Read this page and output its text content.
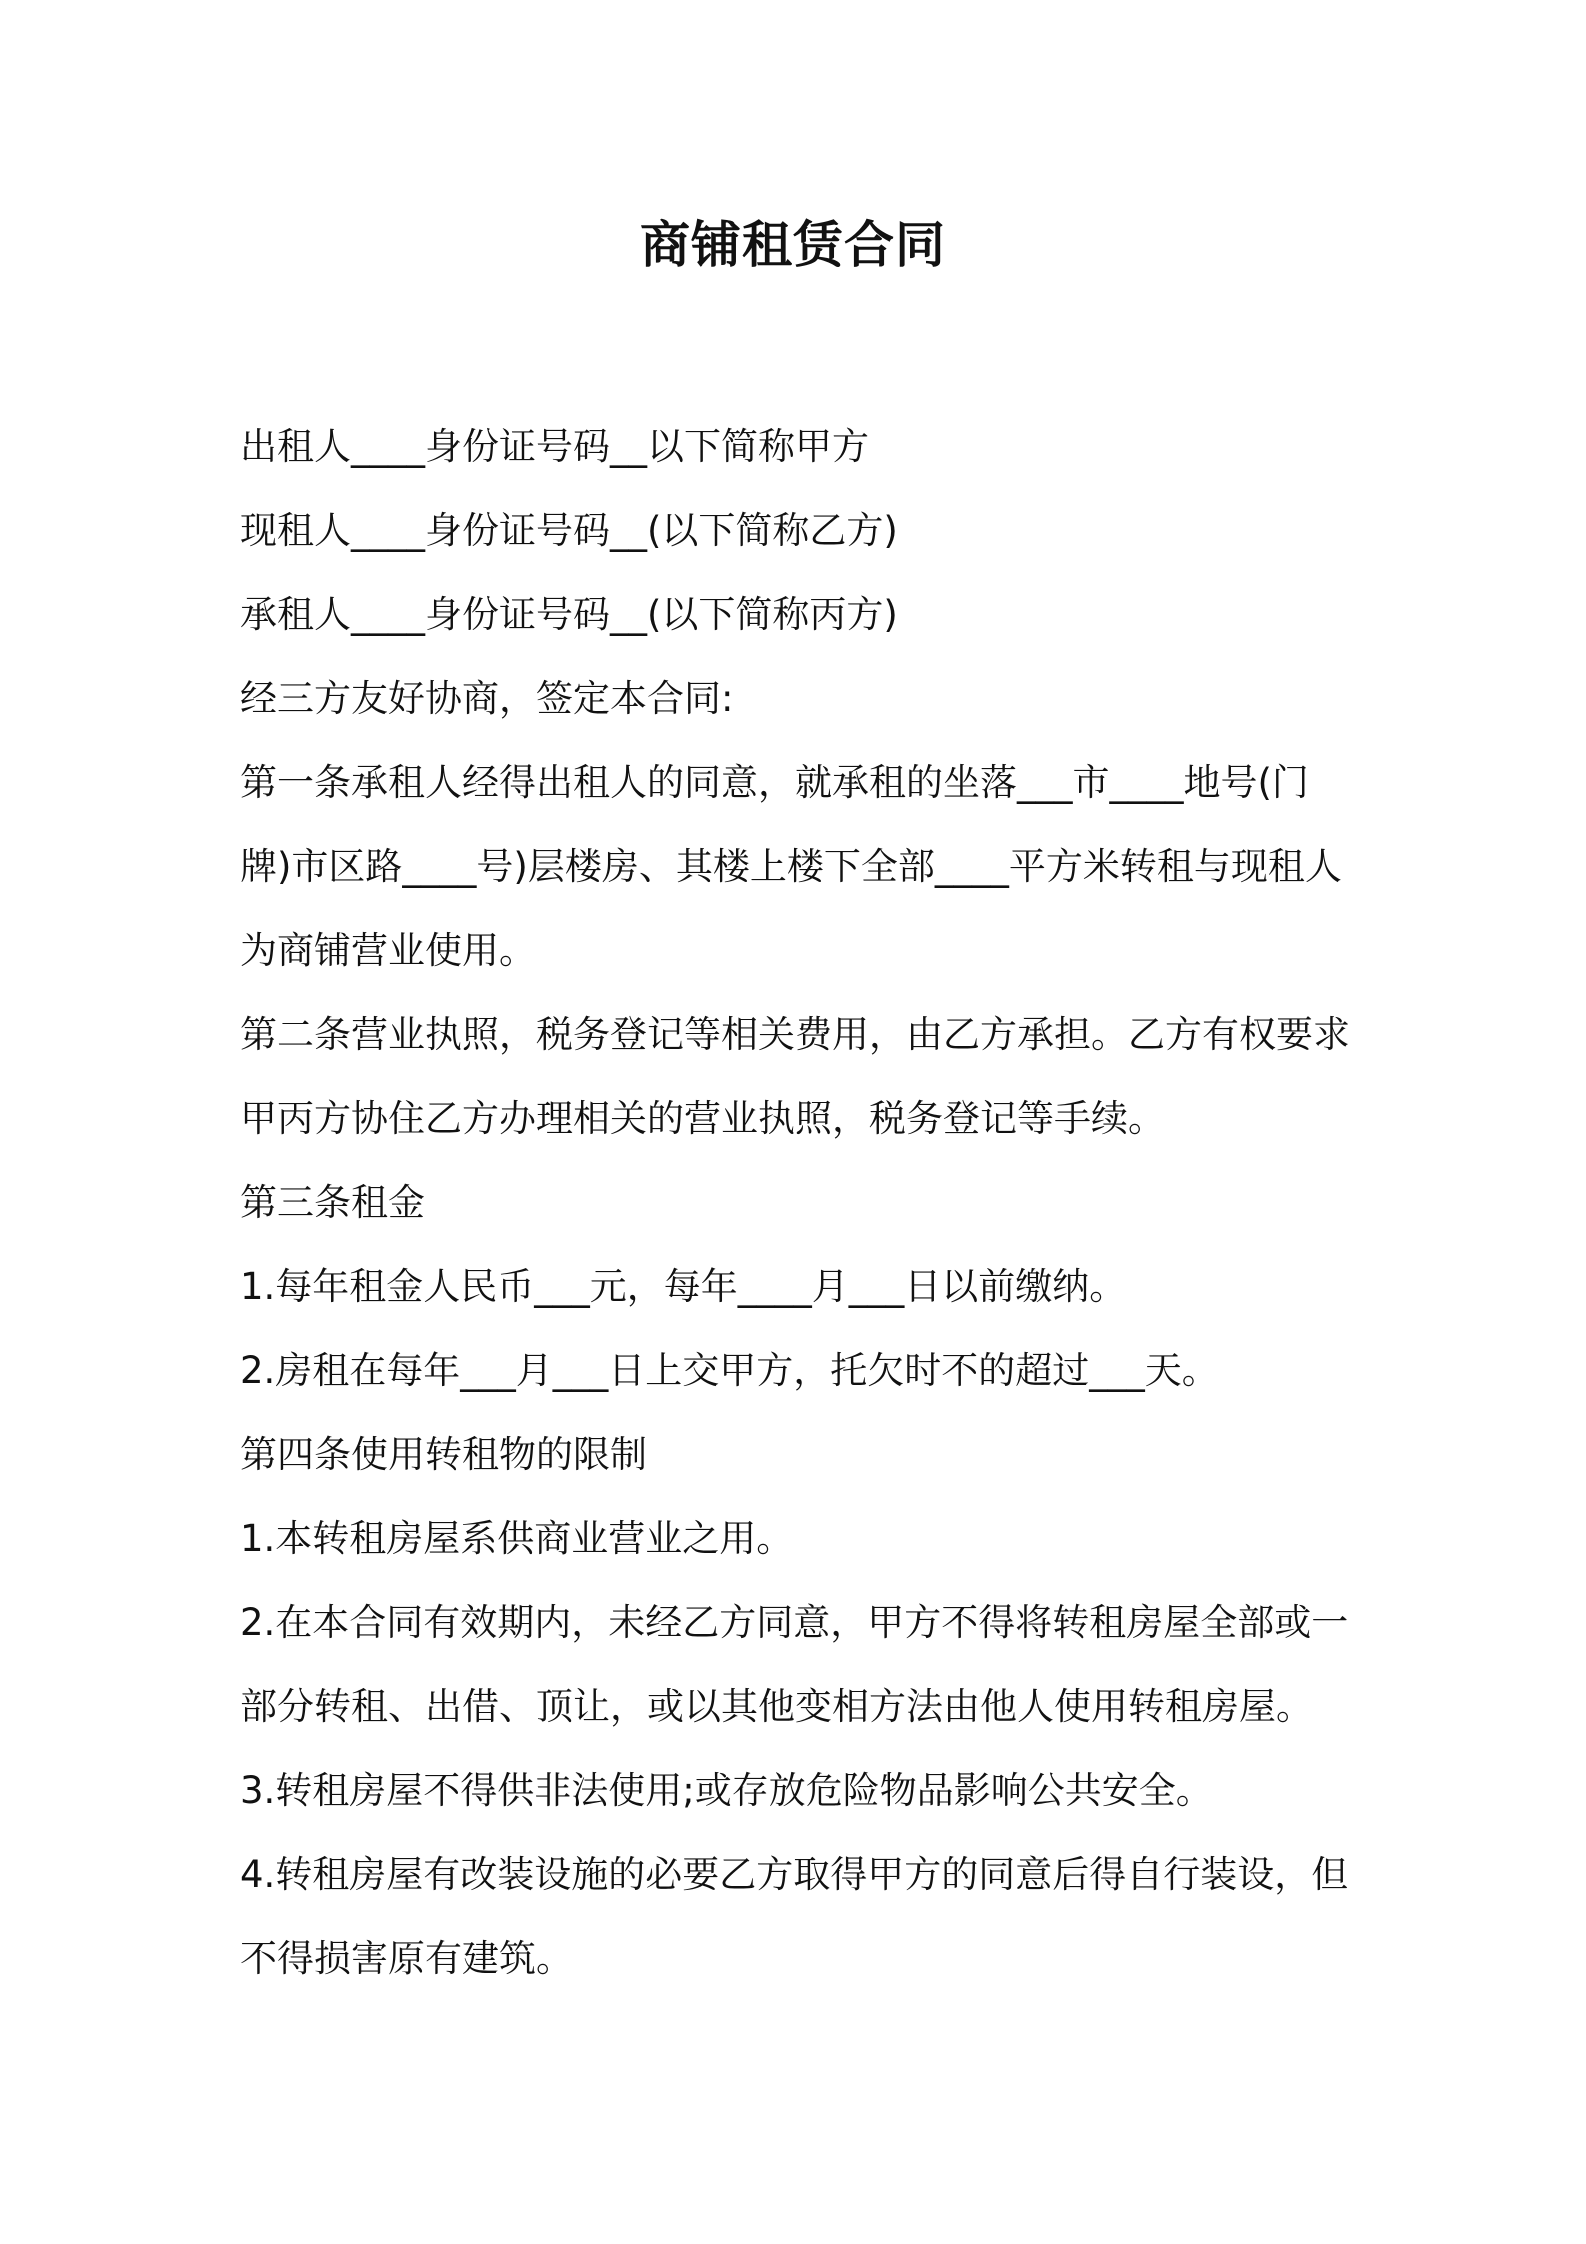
商铺租赁合同

出租人____身份证号码__以下简称甲方

现租人____身份证号码__(以下简称乙方)

承租人____身份证号码__(以下简称丙方)

经三方友好协商，签定本合同:

第一条承租人经得出租人的同意，就承租的坐落___市____地号(门牌)市区路____号)层楼房、其楼上楼下全部____平方米转租与现租人为商铺营业使用。

第二条营业执照，税务登记等相关费用，由乙方承担。乙方有权要求甲丙方协住乙方办理相关的营业执照，税务登记等手续。

第三条租金

1.每年租金人民币___元，每年____月___日以前缴纳。

2.房租在每年___月___日上交甲方，托欠时不的超过___天。

第四条使用转租物的限制

1.本转租房屋系供商业营业之用。

2.在本合同有效期内，未经乙方同意，甲方不得将转租房屋全部或一部分转租、出借、顶让，或以其他变相方法由他人使用转租房屋。

3.转租房屋不得供非法使用;或存放危险物品影响公共安全。

4.转租房屋有改装设施的必要乙方取得甲方的同意后得自行装设，但不得损害原有建筑。
